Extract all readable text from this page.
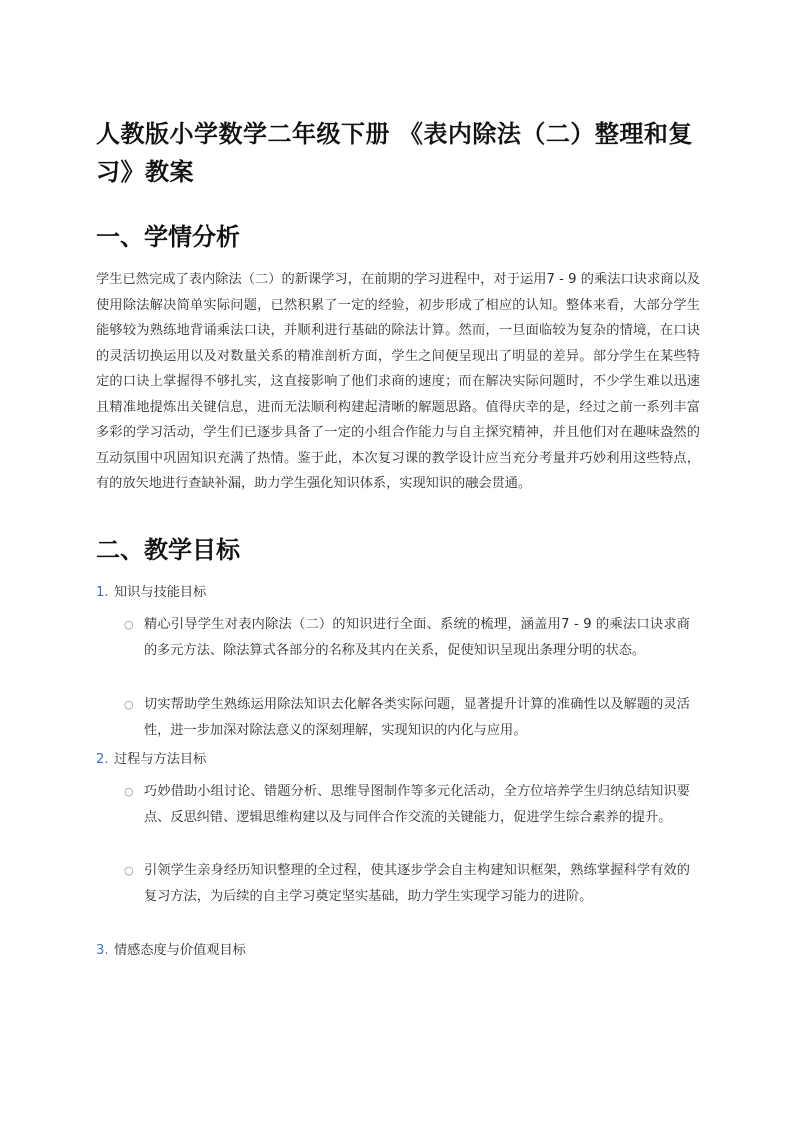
人教版小学数学二年级下册 《表内除法（二）整理和复习》教案
一、学情分析

学生已然完成了表内除法（二）的新课学习，在前期的学习进程中，对于运用7 - 9 的乘法口诀求商以及使用除法解决简单实际问题，已然积累了一定的经验，初步形成了相应的认知。整体来看，大部分学生能够较为熟练地背诵乘法口诀，并顺利进行基础的除法计算。然而，一旦面临较为复杂的情境，在口诀的灵活切换运用以及对数量关系的精准剖析方面，学生之间便呈现出了明显的差异。部分学生在某些特定的口诀上掌握得不够扎实，这直接影响了他们求商的速度；而在解决实际问题时，不少学生难以迅速且精准地提炼出关键信息，进而无法顺利构建起清晰的解题思路。值得庆幸的是，经过之前一系列丰富多彩的学习活动，学生们已逐步具备了一定的小组合作能力与自主探究精神，并且他们对在趣味盎然的互动氛围中巩固知识充满了热情。鉴于此，本次复习课的教学设计应当充分考量并巧妙利用这些特点，有的放矢地进行查缺补漏，助力学生强化知识体系，实现知识的融会贯通。

二、教学目标
1. 知识与技能目标
○ 精心引导学生对表内除法（二）的知识进行全面、系统的梳理，涵盖用7 - 9 的乘法口诀求商的多元方法、除法算式各部分的名称及其内在关系，促使知识呈现出条理分明的状态。
○ 切实帮助学生熟练运用除法知识去化解各类实际问题，显著提升计算的准确性以及解题的灵活性，进一步加深对除法意义的深刻理解，实现知识的内化与应用。
2. 过程与方法目标
○ 巧妙借助小组讨论、错题分析、思维导图制作等多元化活动，全方位培养学生归纳总结知识要点、反思纠错、逻辑思维构建以及与同伴合作交流的关键能力，促进学生综合素养的提升。
○ 引领学生亲身经历知识整理的全过程，使其逐步学会自主构建知识框架，熟练掌握科学有效的复习方法，为后续的自主学习奠定坚实基础，助力学生实现学习能力的进阶。
3. 情感态度与价值观目标
